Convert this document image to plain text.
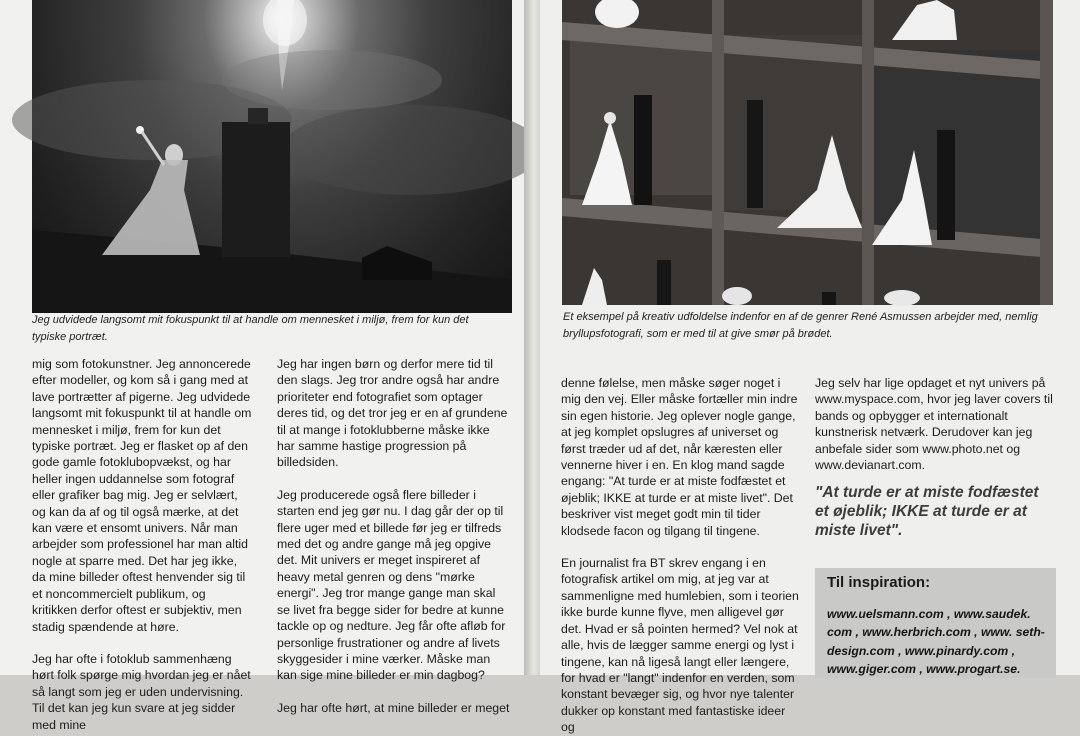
Jeg udvidede langsomt mit fokuspunkt til at handle om mennesket i miljø, frem for kun det typiske portræt.

mig som fotokunstner. Jeg annoncerede efter modeller, og kom så i gang med at lave portrætter af pigerne. Jeg udvidede langsomt mit fokuspunkt til at handle om mennesket i miljø, frem for kun det typiske portræt. Jeg er flasket op af den gode gamle fotoklubopvækst, og har heller ingen uddannelse som fotograf eller grafiker bag mig. Jeg er selvlært, og kan da af og til også mærke, at det kan være et ensomt univers. Når man arbejder som professionel har man altid nogle at sparre med. Det har jeg ikke, da mine billeder oftest henvender sig til et noncommercielt publikum, og kritikken derfor oftest er subjektiv, men stadig spændende at høre.

Jeg har ofte i fotoklub sammenhæng hørt folk spørge mig hvordan jeg er nået så langt som jeg er uden undervisning. Til det kan jeg kun svare at jeg sidder med mine

Jeg har ingen børn og derfor mere tid til den slags. Jeg tror andre også har andre prioriteter end fotografiet som optager deres tid, og det tror jeg er en af grundene til at mange i fotoklubberne måske ikke har samme hastige progression på billedsiden.

Jeg producerede også flere billeder i starten end jeg gør nu. I dag går der op til flere uger med et billede før jeg er tilfreds med det og andre gange må jeg opgive det. Mit univers er meget inspireret af heavy metal genren og dens "mørke energi". Jeg tror mange gange man skal se livet fra begge sider for bedre at kunne tackle op og nedture. Jeg får ofte afløb for personlige frustrationer og andre af livets skyggesider i mine værker. Måske man kan sige mine billeder er min dagbog?

Jeg har ofte hørt, at mine billeder er meget

Et eksempel på kreativ udfoldelse indenfor en af de genrer René Asmussen arbejder med, nemlig bryllupsfotografi, som er med til at give smør på brødet.

denne følelse, men måske søger noget i mig den vej. Eller måske fortæller min indre sin egen historie. Jeg oplever nogle gange, at jeg komplet opslugres af universet og først træder ud af det, når kæresten eller vennerne hiver i en. En klog mand sagde engang: "At turde er at miste fodfæstet et øjeblik; IKKE at turde er at miste livet". Det beskriver vist meget godt min til tider klodsede facon og tilgang til tingene.

En journalist fra BT skrev engang i en fotografisk artikel om mig, at jeg var at sammenligne med humlebien, som i teorien ikke burde kunne flyve, men alligevel gør det. Hvad er så pointen hermed? Vel nok at alle, hvis de lægger samme energi og lyst i tingene, kan nå ligeså langt eller længere, for hvad er "langt" indenfor en verden, som konstant bevæger sig, og hvor nye talenter dukker op konstant med fantastiske ideer og

Jeg selv har lige opdaget et nyt univers på www.myspace.com, hvor jeg laver covers til bands og opbygger et internationalt kunstnerisk netværk. Derudover kan jeg anbefale sider som www.photo.net og www.devianart.com.

"At turde er at miste fodfæstet et øjeblik; IKKE at turde er at miste livet".
Til inspiration:
www.uelsmann.com , www.saudek. com , www.herbrich.com , www. seth-design.com , www.pinardy.com , www.giger.com , www.progart.se.
